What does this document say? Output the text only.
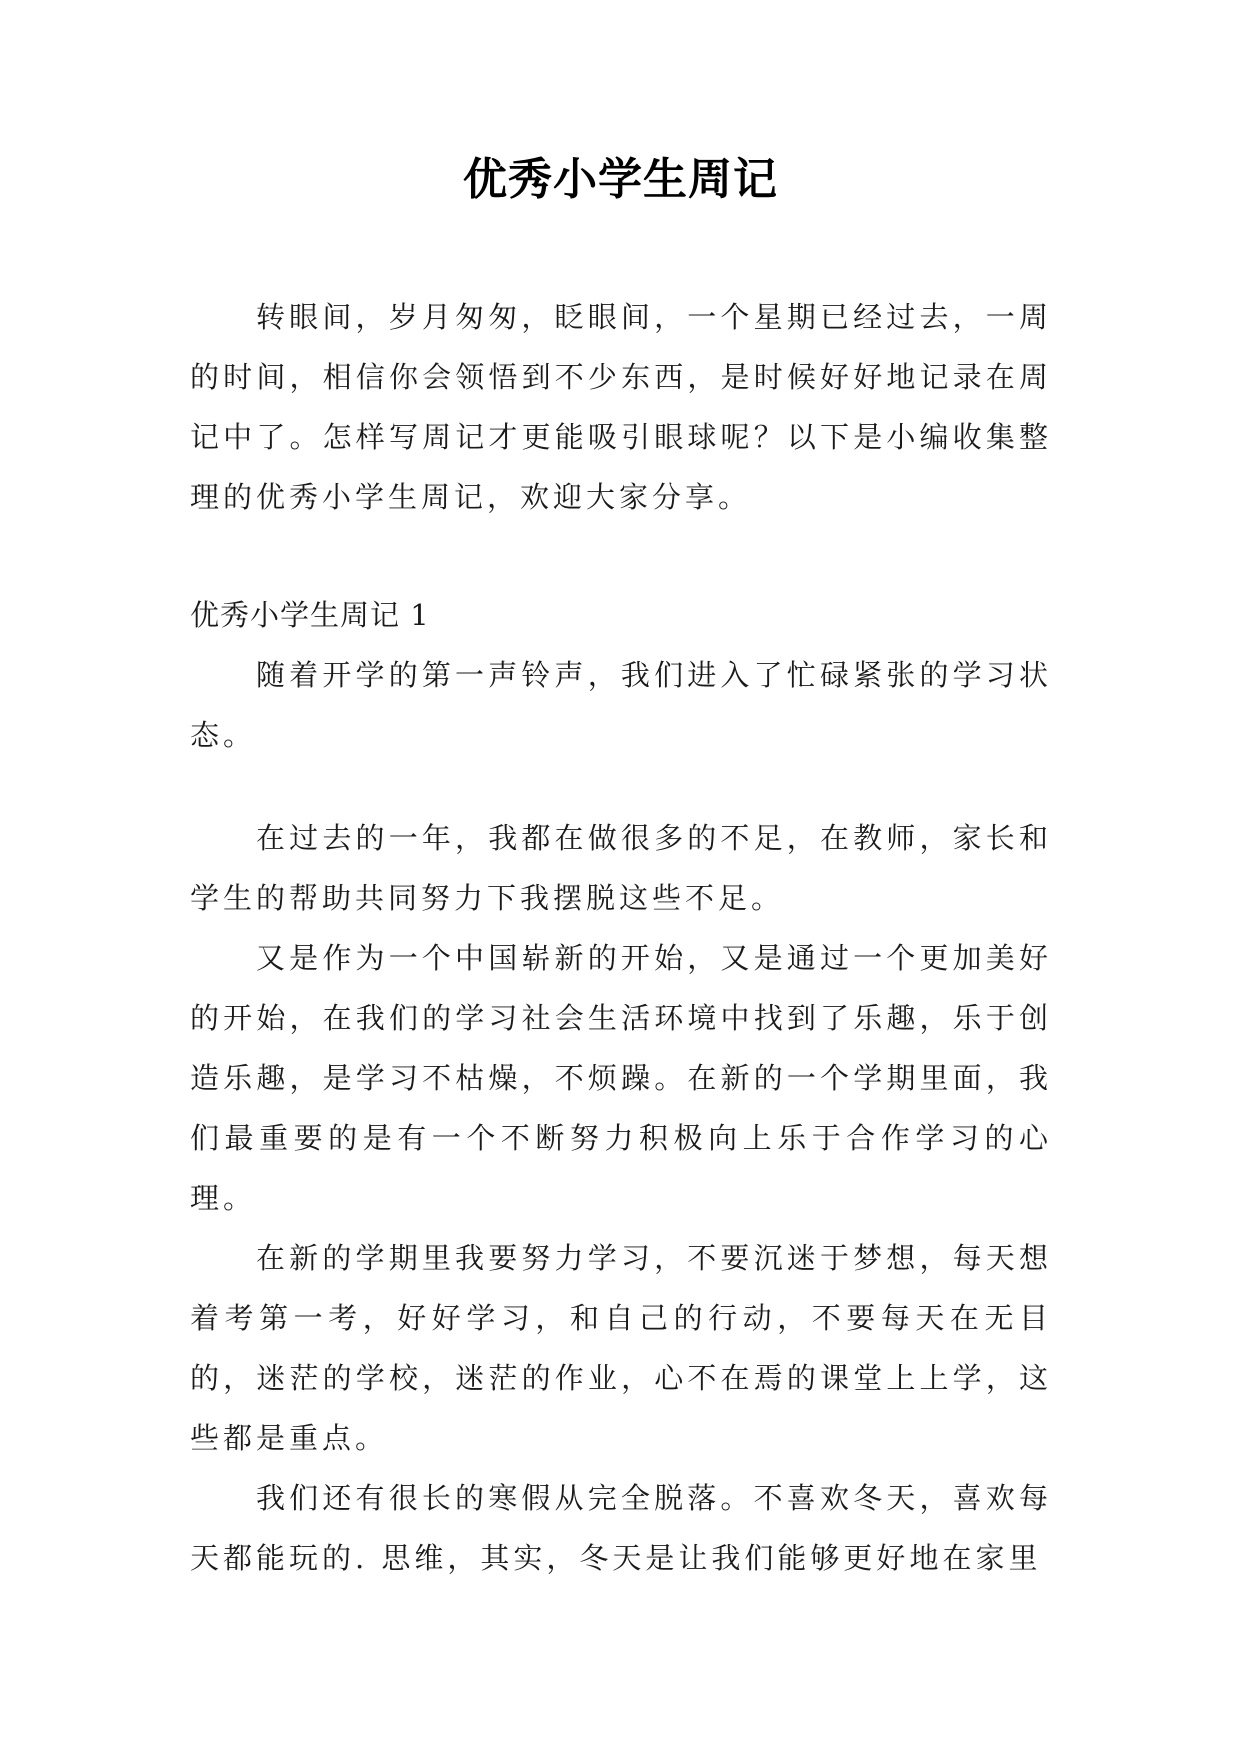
优秀小学生周记

转眼间，岁月匆匆，眨眼间，一个星期已经过去，一周的时间，相信你会领悟到不少东西，是时候好好地记录在周记中了。怎样写周记才更能吸引眼球呢？以下是小编收集整理的优秀小学生周记，欢迎大家分享。

优秀小学生周记 1

随着开学的第一声铃声，我们进入了忙碌紧张的学习状态。

在过去的一年，我都在做很多的不足，在教师，家长和学生的帮助共同努力下我摆脱这些不足。

又是作为一个中国崭新的开始，又是通过一个更加美好的开始，在我们的学习社会生活环境中找到了乐趣，乐于创造乐趣，是学习不枯燥，不烦躁。在新的一个学期里面，我们最重要的是有一个不断努力积极向上乐于合作学习的心理。

在新的学期里我要努力学习，不要沉迷于梦想，每天想着考第一考，好好学习，和自己的行动，不要每天在无目的，迷茫的学校，迷茫的作业，心不在焉的课堂上上学，这些都是重点。

我们还有很长的寒假从完全脱落。不喜欢冬天，喜欢每天都能玩的. 思维，其实，冬天是让我们能够更好地在家里
